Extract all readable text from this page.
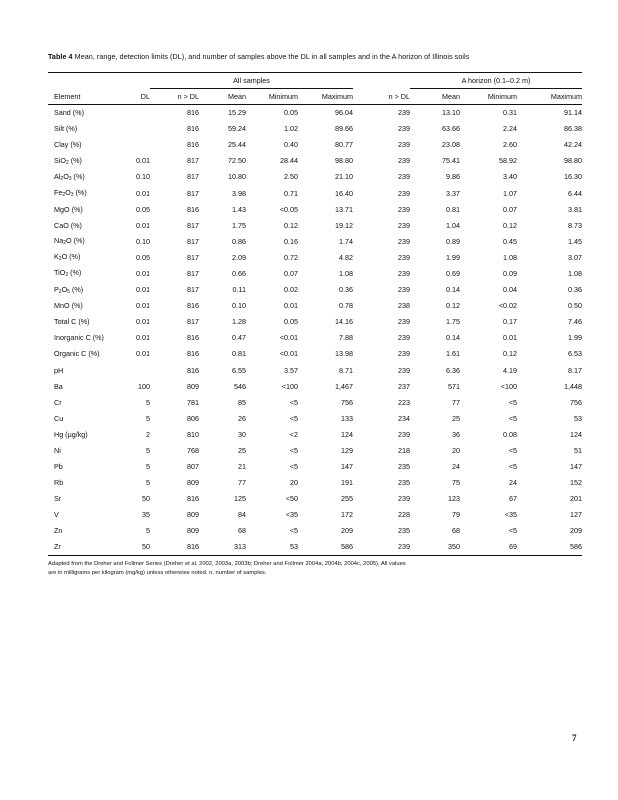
Table 4 Mean, range, detection limits (DL), and number of samples above the DL in all samples and in the A horizon of Illinois soils
		All samples					A horizon (0.1–0.2 m)		
Element	DL	n > DL	Mean	Minimum	Maximum	n > DL	Mean	Minimum	Maximum
Sand (%)		816	15.29	0.05	96.04	239	13.10	0.31	91.14
Silt (%)		816	59.24	1.02	89.66	239	63.66	2.24	86.38
Clay (%)		816	25.44	0.40	80.77	239	23.08	2.60	42.24
SiO$_2$ (%)	0.01	817	72.50	28.44	98.80	239	75.41	58.92	98.80
$Al_2O_3$ (%)	0.10	817	10.80	2.50	21.10	239	9.86	3.40	16.30
$Fe_2O_3$ (%)	0.01	817	3.98	0.71	16.40	239	3.37	1.07	6.44
MgO (%)	0.05	816	1.43	<0.05	13.71	239	0.81	0.07	3.81
CaO (%)	0.01	817	1.75	0.12	19.12	239	1.04	0.12	8.73
$Na_2O$ (%)	0.10	817	0.86	0.16	1.74	239	0.89	0.45	1.45
$K_2O$ (%)	0.05	817	2.09	0.72	4.82	239	1.99	1.08	3.07
TiO$_2$ (%)	0.01	817	0.66	0.07	1.08	239	0.69	0.09	1.08
$P_2O_5$ (%)	0.01	817	0.11	0.02	0.36	239	0.14	0.04	0.36
MnO (%)	0.01	816	0.10	0.01	0.78	238	0.12	<0.02	0.50
Total C (%)	0.01	817	1.28	0.05	14.16	239	1.75	0.17	7.46
Inorganic C (%)	0.01	816	0.47	<0.01	7.88	239	0.14	0.01	1.99
Organic C (%)	0.01	816	0.81	<0.01	13.98	239	1.61	0.12	6.53
pH		816	6.55	3.57	8.71	239	6.36	4.19	8.17
Ba	100	809	546	<100	1,467	237	571	<100	1,448
Cr	5	781	85	<5	756	223	77	<5	756
Cu	5	806	26	<5	133	234	25	<5	53
Hg (μg/kg)	2	810	30	<2	124	239	36	0.08	124
Ni	5	768	25	<5	129	218	20	<5	51
Pb	5	807	21	<5	147	235	24	<5	147
Rb	5	809	77	20	191	235	75	24	152
Sr	50	816	125	<50	255	239	123	67	201
V	35	809	84	<35	172	228	79	<35	127
Zn	5	809	68	<5	209	235	68	<5	209
Zr	50	816	313	53	586	239	350	69	586
Adapted from the Dreher and Follmer Series (Dreher et al. 2002, 2003a, 2003b; Dreher and Follmer 2004a, 2004b, 2004c, 2005). All values
are in milligrams per kilogram (mg/kg) unless otherwise noted. n, number of samples.
7
